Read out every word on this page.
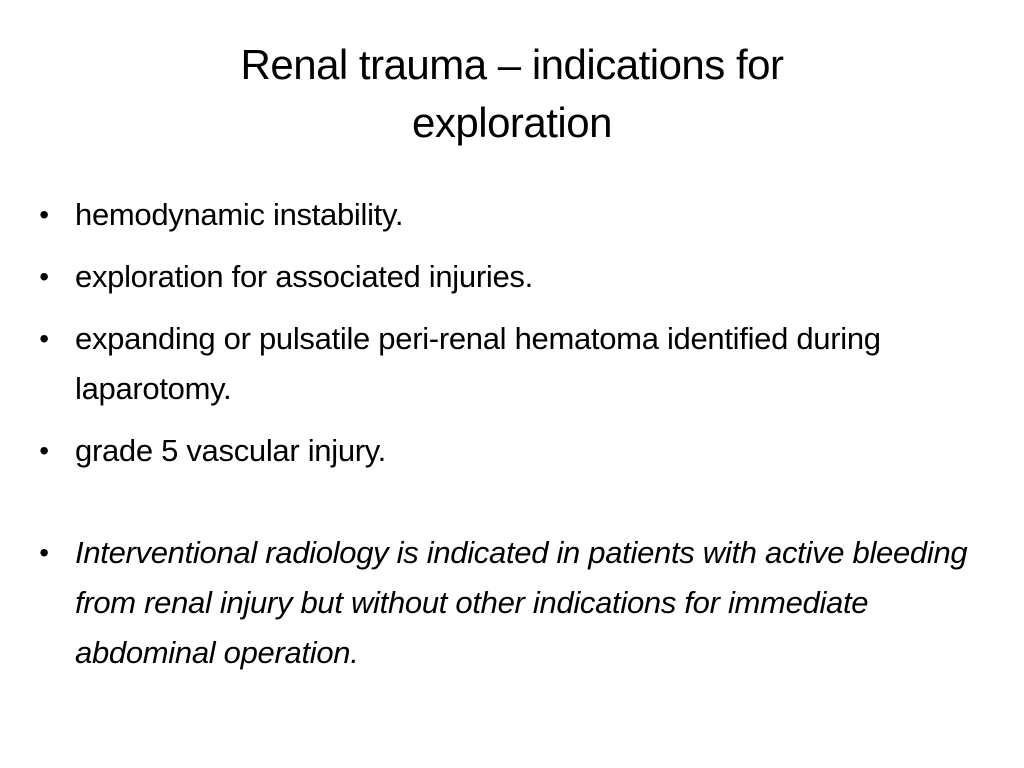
Renal trauma – indications for
exploration
• hemodynamic instability.
• exploration for associated injuries.
• expanding or pulsatile peri-renal hematoma identified during laparotomy.
• grade 5 vascular injury.
• Interventional radiology is indicated in patients with active bleeding from renal injury but without other indications for immediate abdominal operation.
